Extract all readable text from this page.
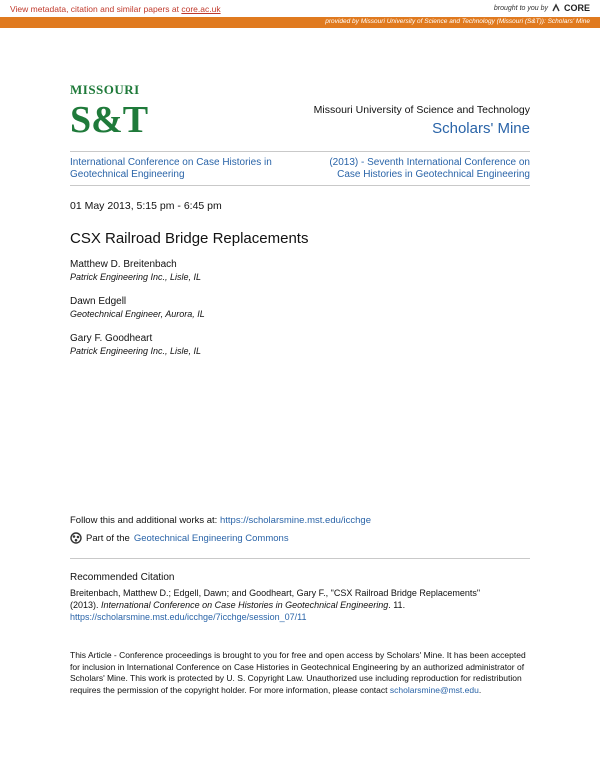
View metadata, citation and similar papers at core.ac.uk	brought to you by CORE
provided by Missouri University of Science and Technology (Missouri (S&T)): Scholars' Mine
MISSOURI
S&T	Missouri University of Science and Technology
Scholars' Mine
International Conference on Case Histories in
Geotechnical Engineering
(2013) - Seventh International Conference on
Case Histories in Geotechnical Engineering
01 May 2013, 5:15 pm - 6:45 pm
CSX Railroad Bridge Replacements
Matthew D. Breitenbach
Patrick Engineering Inc., Lisle, IL
Dawn Edgell
Geotechnical Engineer, Aurora, IL
Gary F. Goodheart
Patrick Engineering Inc., Lisle, IL
Follow this and additional works at: https://scholarsmine.mst.edu/icchge
Part of the Geotechnical Engineering Commons
Recommended Citation
Breitenbach, Matthew D.; Edgell, Dawn; and Goodheart, Gary F., "CSX Railroad Bridge Replacements"
(2013). International Conference on Case Histories in Geotechnical Engineering. 11.
https://scholarsmine.mst.edu/icchge/7icchge/session_07/11
This Article - Conference proceedings is brought to you for free and open access by Scholars' Mine. It has been accepted for inclusion in International Conference on Case Histories in Geotechnical Engineering by an authorized administrator of Scholars' Mine. This work is protected by U. S. Copyright Law. Unauthorized use including reproduction for redistribution requires the permission of the copyright holder. For more information, please contact scholarsmine@mst.edu.
